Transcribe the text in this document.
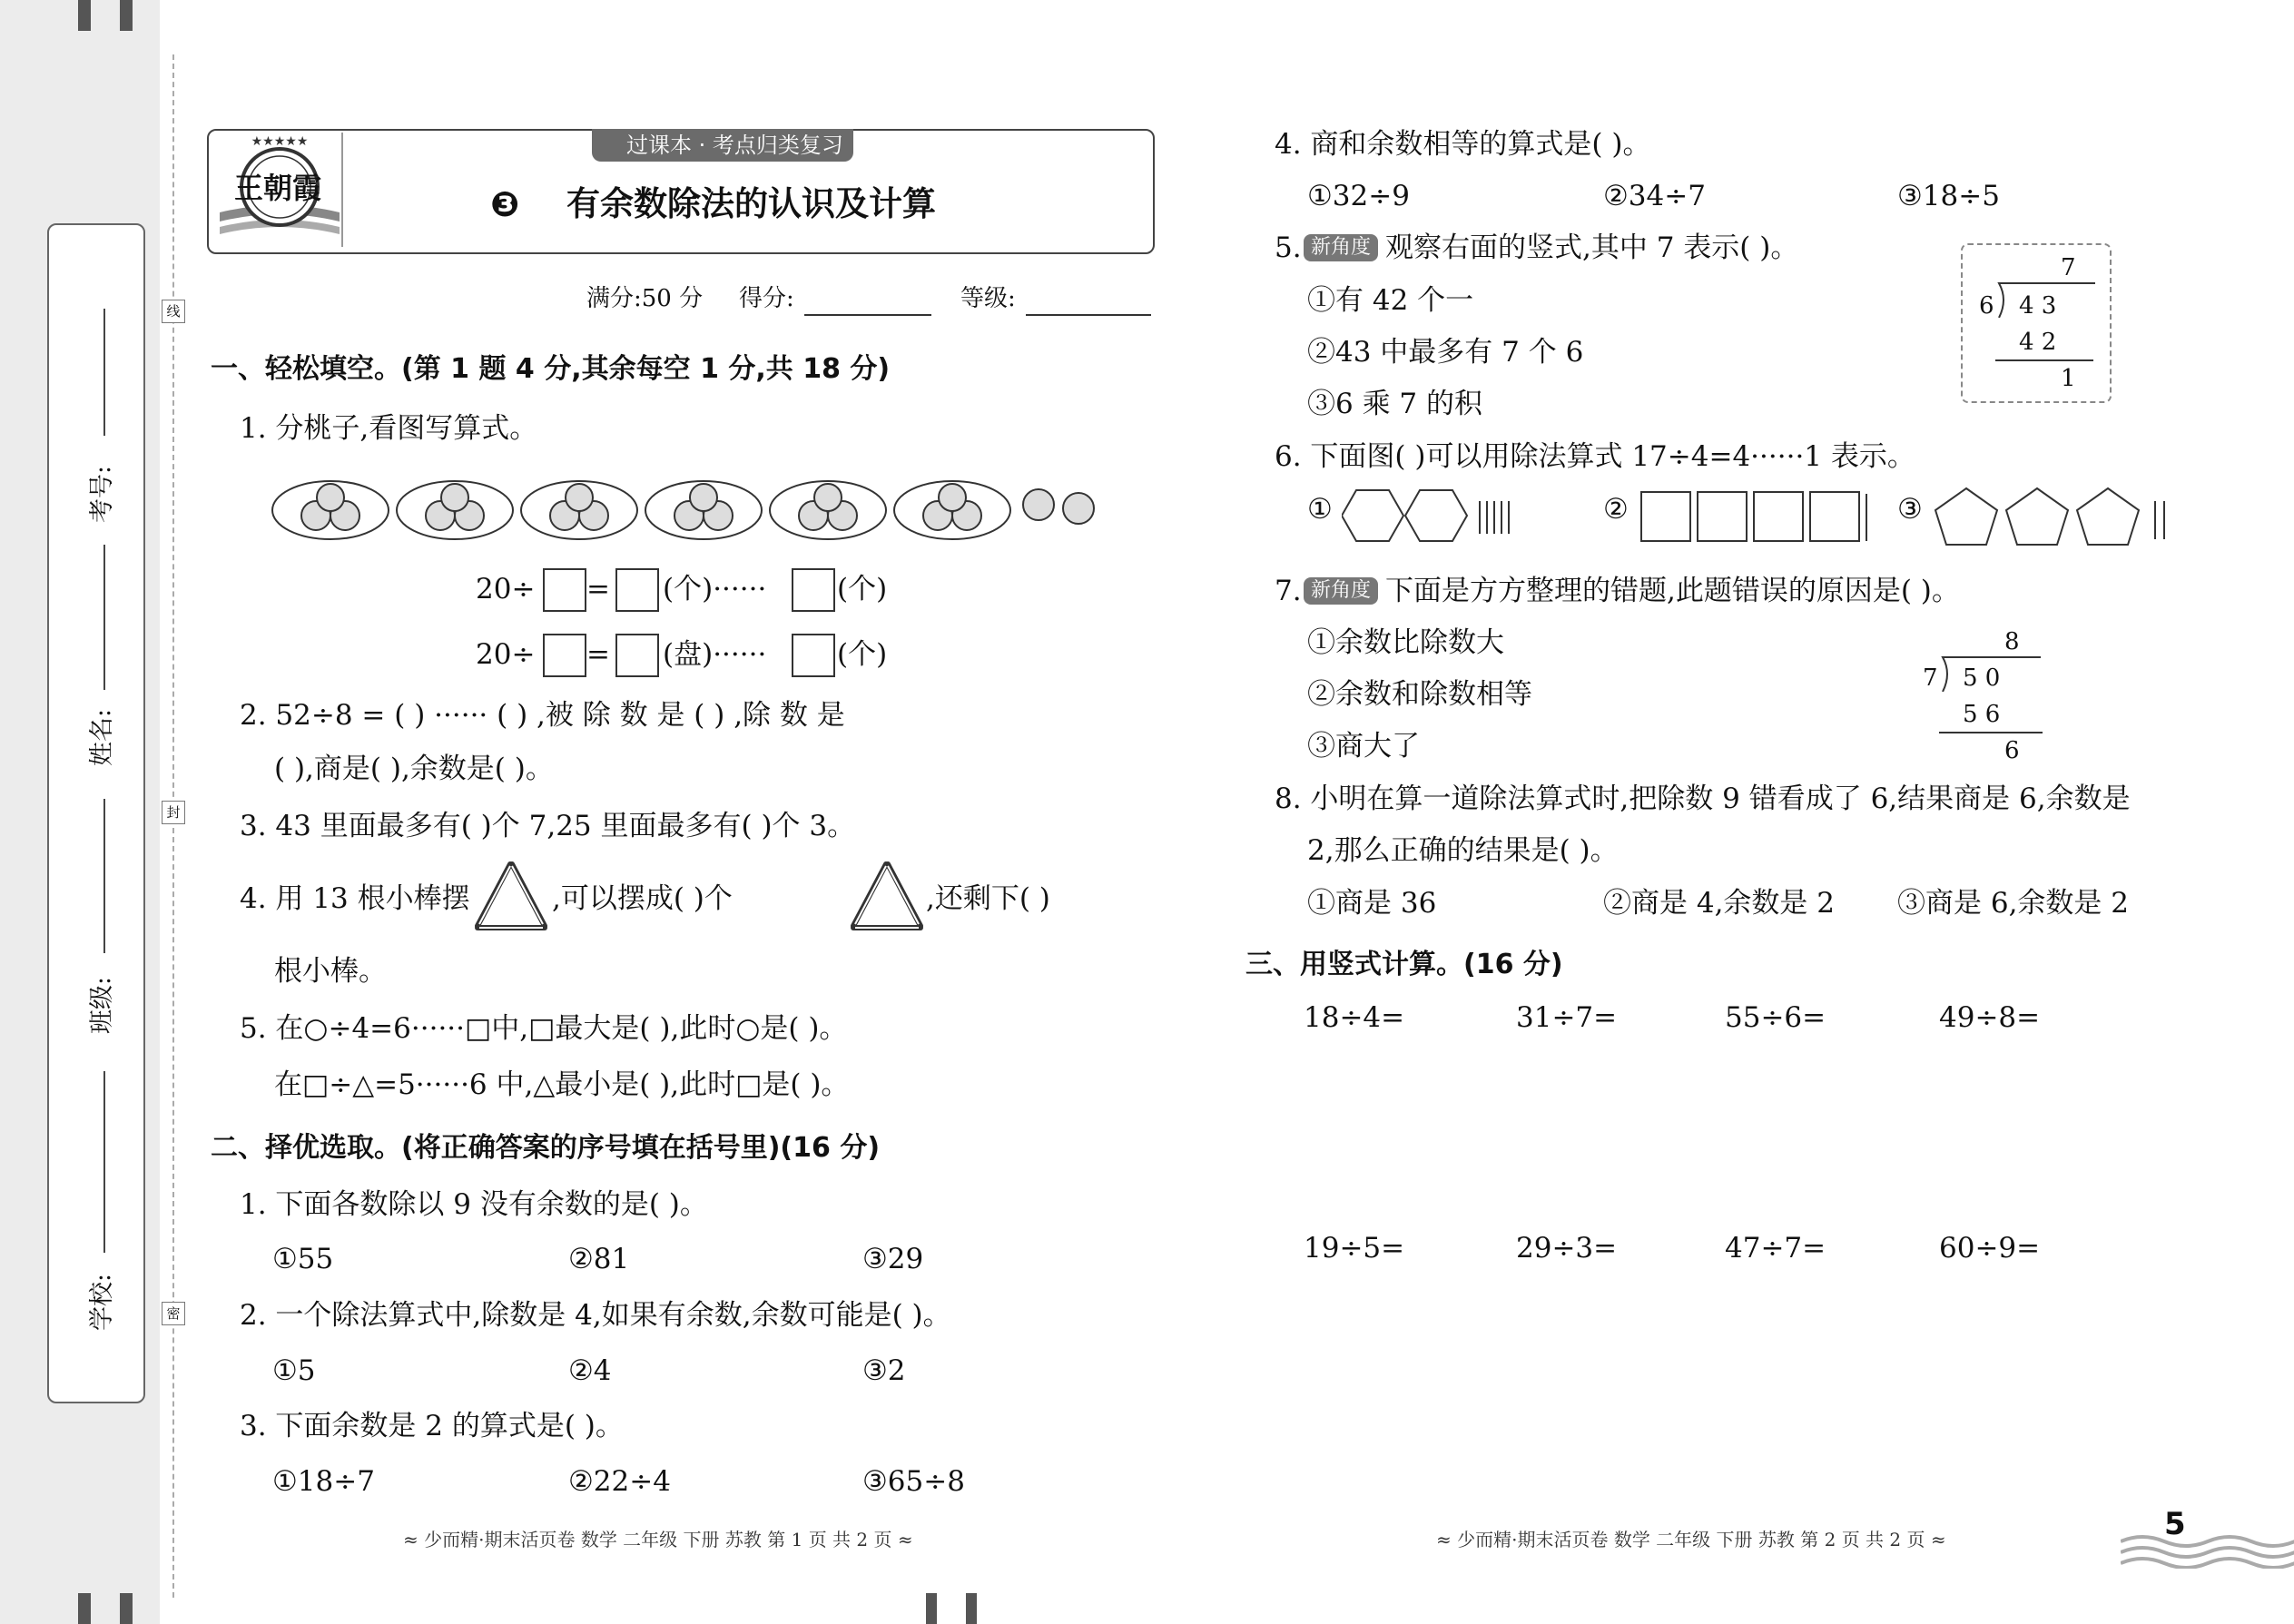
考号:
姓名:
班级:
学校:
线
封
密
★★★★★
王朝霞
过课本 · 考点归类复习
❸ 有余数除法的认识及计算
满分:50 分 得分:	等级:
一、轻松填空。(第 1 题 4 分,其余每空 1 分,共 18 分)
1. 分桃子,看图写算式。
20÷ = (个)······	(个)
20÷ = (盘)······	(个)
2. 52÷8 = ( ) ······ ( ) ,被 除 数 是 ( ) ,除 数 是
( ),商是( ),余数是( )。
3. 43 里面最多有( )个 7,25 里面最多有( )个 3。
4. 用 13 根小棒摆	,可以摆成( )个	,还剩下( )
根小棒。
5. 在○÷4=6······□中,□最大是( ),此时○是( )。
在□÷△=5······6 中,△最小是( ),此时□是( )。
二、择优选取。(将正确答案的序号填在括号里)(16 分)
1. 下面各数除以 9 没有余数的是( )。
①55	②81	③29
2. 一个除法算式中,除数是 4,如果有余数,余数可能是( )。
①5	②4	③2
3. 下面余数是 2 的算式是( )。
①18÷7	②22÷4	③65÷8
≈ 少而精·期末活页卷 数学 二年级 下册 苏教 第 1 页 共 2 页 ≈
4. 商和余数相等的算式是( )。
①32÷9	②34÷7	③18÷5
5. 新角度 观察右面的竖式,其中 7 表示( )。
①有 42 个一
②43 中最多有 7 个 6
③6 乘 7 的积
7
6 4 3
4 2
1
6. 下面图( )可以用除法算式 17÷4=4······1 表示。
①	②	③
7. 新角度 下面是方方整理的错题,此题错误的原因是( )。
①余数比除数大
②余数和除数相等
③商大了
8
7 5 0
5 6
6
8. 小明在算一道除法算式时,把除数 9 错看成了 6,结果商是 6,余数是
2,那么正确的结果是( )。
①商是 36	②商是 4,余数是 2 ③商是 6,余数是 2
三、用竖式计算。(16 分)
18÷4=	31÷7=	55÷6=	49÷8=
19÷5=	29÷3=	47÷7=	60÷9=
≈ 少而精·期末活页卷 数学 二年级 下册 苏教 第 2 页 共 2 页 ≈	5
